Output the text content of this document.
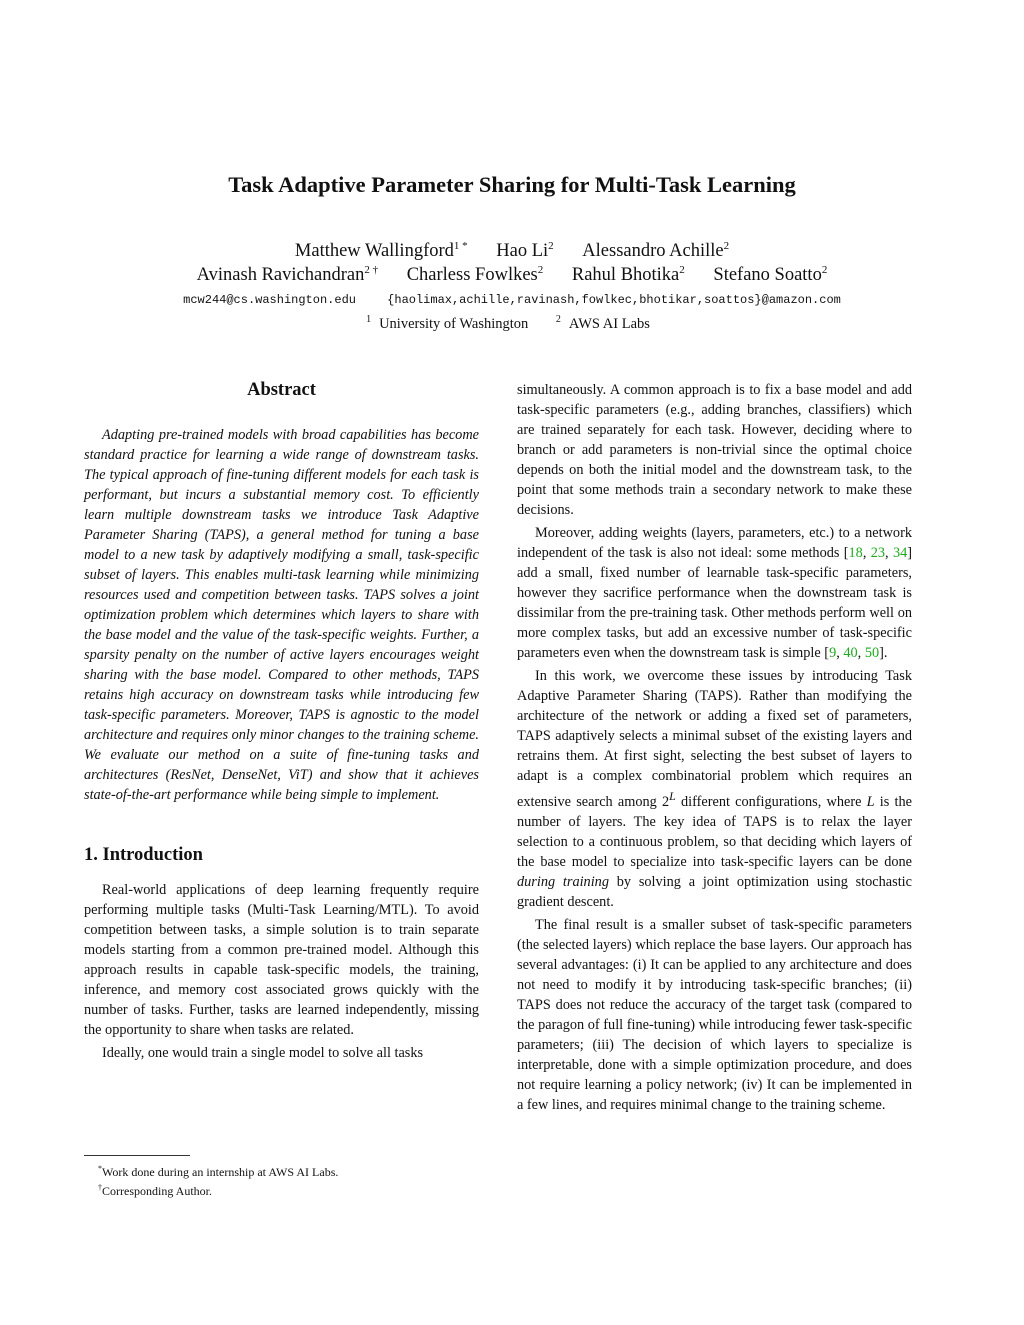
Task Adaptive Parameter Sharing for Multi-Task Learning
Matthew Wallingford$^{1 *}$ Hao Li$^2$ Alessandro Achille$^2$
Avinash Ravichandran$^{2 \dagger}$ Charless Fowlkes$^2$ Rahul Bhotika$^2$ Stefano Soatto$^2$
mcw244@cs.washington.edu	{haolimax,achille,ravinash,fowlkec,bhotikar,soattos}@amazon.com
$^1$ University of Washington	$^2$ AWS AI Labs
Abstract

Adapting pre-trained models with broad capabilities has become standard practice for learning a wide range of downstream tasks. The typical approach of fine-tuning different models for each task is performant, but incurs a substantial memory cost. To efficiently learn multiple downstream tasks we introduce Task Adaptive Parameter Sharing (TAPS), a general method for tuning a base model to a new task by adaptively modifying a small, task-specific subset of layers. This enables multi-task learning while minimizing resources used and competition between tasks. TAPS solves a joint optimization problem which determines which layers to share with the base model and the value of the task-specific weights. Further, a sparsity penalty on the number of active layers encourages weight sharing with the base model. Compared to other methods, TAPS retains high accuracy on downstream tasks while introducing few task-specific parameters. Moreover, TAPS is agnostic to the model architecture and requires only minor changes to the training scheme. We evaluate our method on a suite of fine-tuning tasks and architectures (ResNet, DenseNet, ViT) and show that it achieves state-of-the-art performance while being simple to implement.

1. Introduction

Real-world applications of deep learning frequently require performing multiple tasks (Multi-Task Learning/MTL). To avoid competition between tasks, a simple solution is to train separate models starting from a common pre-trained model. Although this approach results in capable task-specific models, the training, inference, and memory cost associated grows quickly with the number of tasks. Further, tasks are learned independently, missing the opportunity to share when tasks are related.

Ideally, one would train a single model to solve all tasks

*Work done during an internship at AWS AI Labs.
†Corresponding Author.

simultaneously. A common approach is to fix a base model and add task-specific parameters (e.g., adding branches, classifiers) which are trained separately for each task. However, deciding where to branch or add parameters is non-trivial since the optimal choice depends on both the initial model and the downstream task, to the point that some methods train a secondary network to make these decisions.

Moreover, adding weights (layers, parameters, etc.) to a network independent of the task is also not ideal: some methods [18, 23, 34] add a small, fixed number of learnable task-specific parameters, however they sacrifice performance when the downstream task is dissimilar from the pre-training task. Other methods perform well on more complex tasks, but add an excessive number of task-specific parameters even when the downstream task is simple [9, 40, 50].

In this work, we overcome these issues by introducing Task Adaptive Parameter Sharing (TAPS). Rather than modifying the architecture of the network or adding a fixed set of parameters, TAPS adaptively selects a minimal subset of the existing layers and retrains them. At first sight, selecting the best subset of layers to adapt is a complex combinatorial problem which requires an extensive search among $2^L$ different configurations, where L is the number of layers. The key idea of TAPS is to relax the layer selection to a continuous problem, so that deciding which layers of the base model to specialize into task-specific layers can be done during training by solving a joint optimization using stochastic gradient descent.

The final result is a smaller subset of task-specific parameters (the selected layers) which replace the base layers. Our approach has several advantages: (i) It can be applied to any architecture and does not need to modify it by introducing task-specific branches; (ii) TAPS does not reduce the accuracy of the target task (compared to the paragon of full fine-tuning) while introducing fewer task-specific parameters; (iii) The decision of which layers to specialize is interpretable, done with a simple optimization procedure, and does not require learning a policy network; (iv) It can be implemented in a few lines, and requires minimal change to the training scheme.
